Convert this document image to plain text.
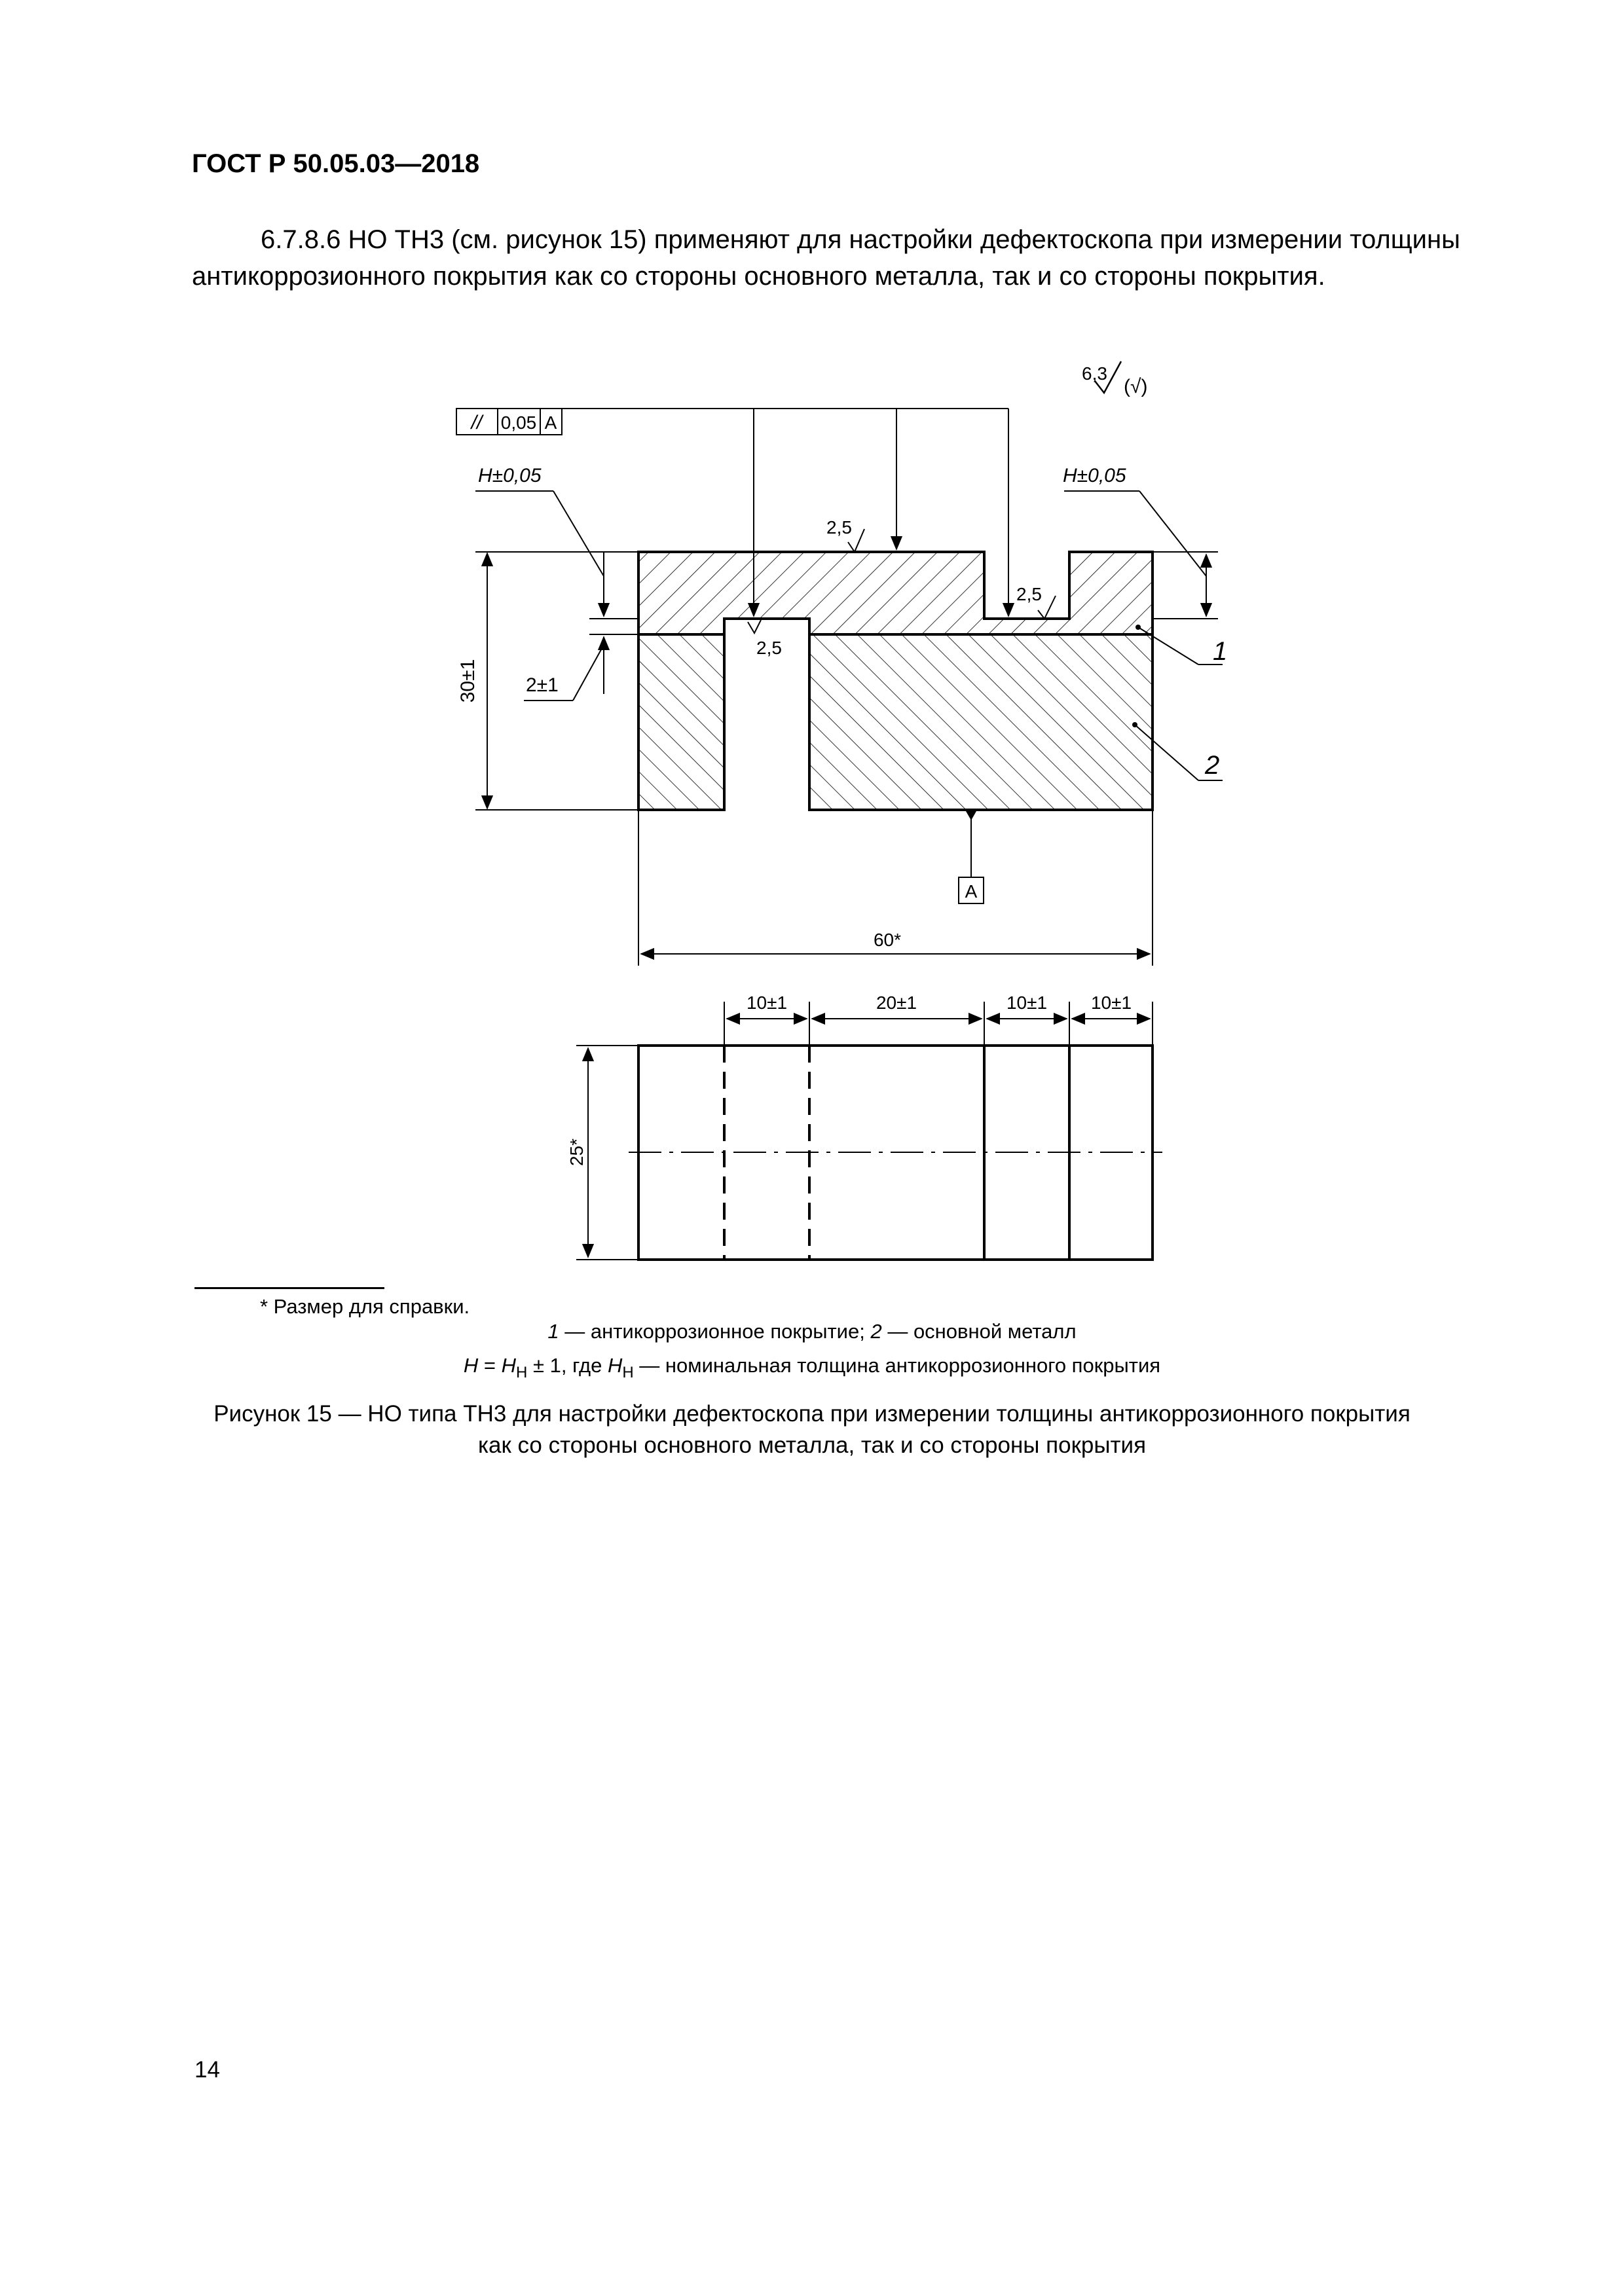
ГОСТ Р 50.05.03—2018
6.7.8.6 НО ТН3 (см. рисунок 15) применяют для настройки дефектоскопа при измерении толщины
антикоррозионного покрытия как со стороны основного металла, так и со стороны покрытия.
30±1
H±0,05
2±1
H±0,05
// 0,05 A
6,3
(√)
2,5
2,5
2,5	1
2
A
60*
10±1	20±1	10±1 10±1
25*
* Размер для справки.
1 — антикоррозионное покрытие; 2 — основной металл
$H = H_Н \pm 1$, где $H_Н$ — номинальная толщина антикоррозионного покрытия
Рисунок 15 — НО типа ТН3 для настройки дефектоскопа при измерении толщины антикоррозионного покрытия
как со стороны основного металла, так и со стороны покрытия
14
